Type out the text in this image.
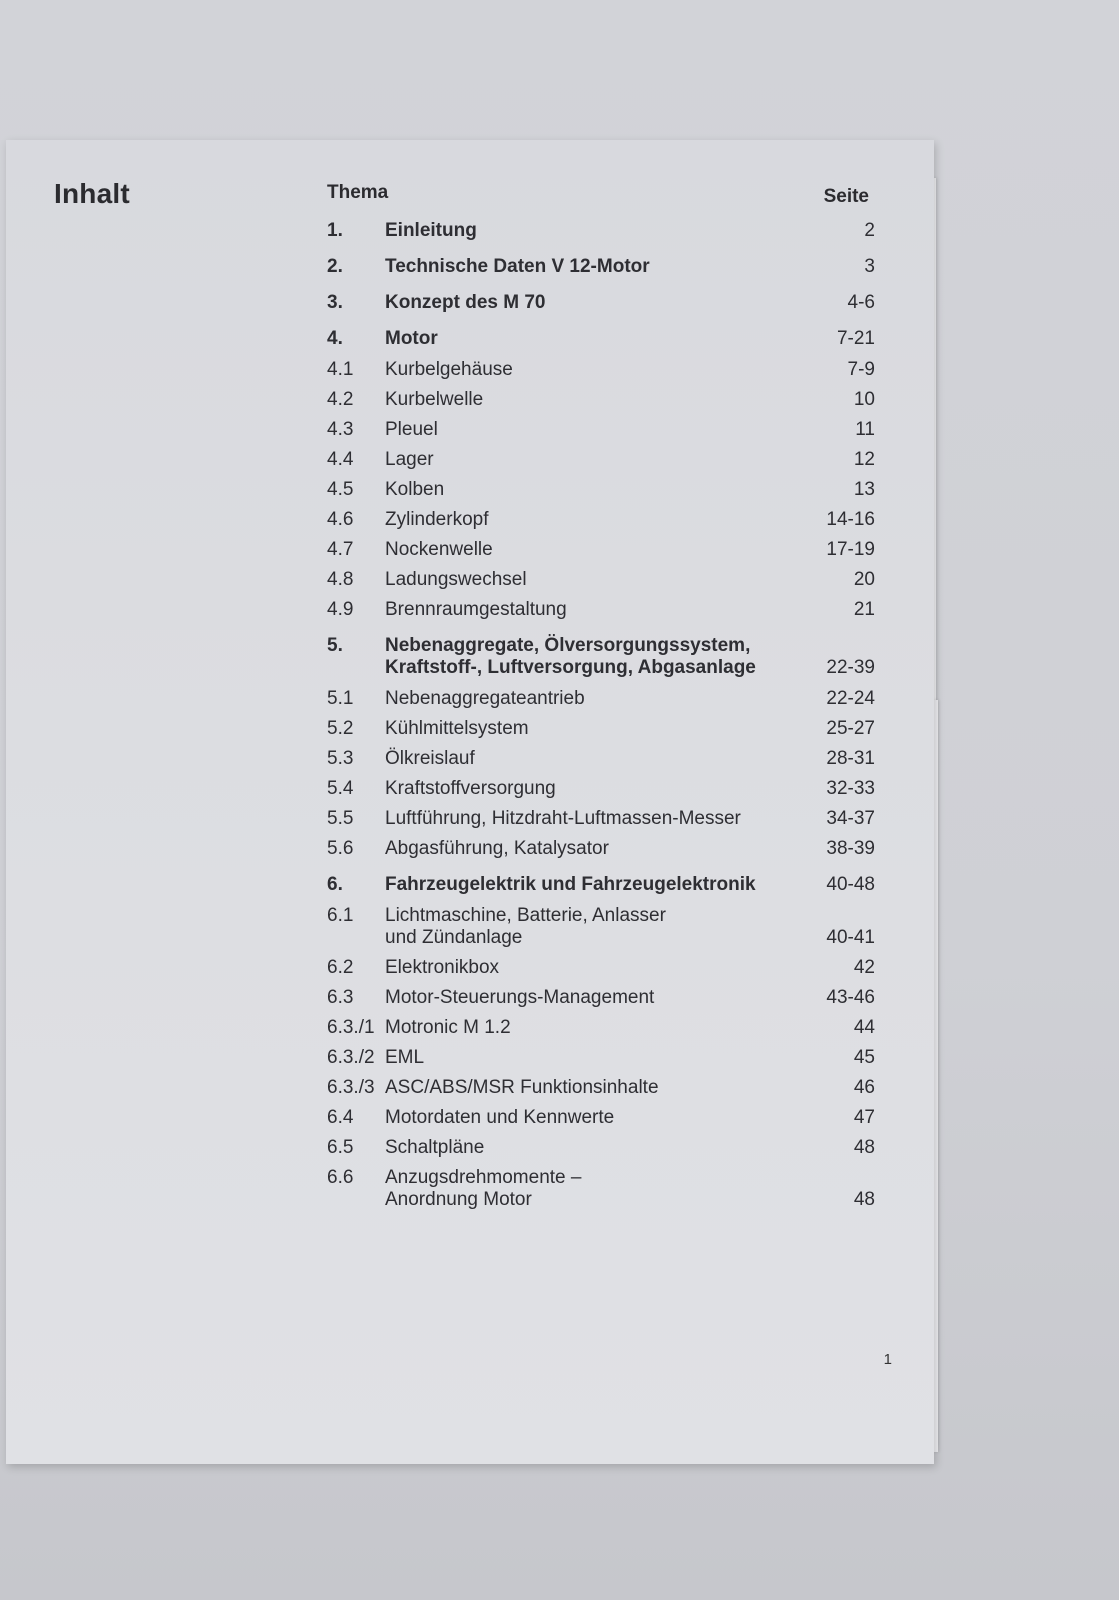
Inhalt	Thema	Seite
1.	Einleitung	2
2.	Technische Daten V 12-Motor	3
3.	Konzept des M 70	4-6
4.	Motor	7-21
4.1	Kurbelgehäuse	7-9
4.2	Kurbelwelle	10
4.3	Pleuel	11
4.4	Lager	12
4.5	Kolben	13
4.6	Zylinderkopf	14-16
4.7	Nockenwelle	17-19
4.8	Ladungswechsel	20
4.9	Brennraumgestaltung	21
5.	Nebenaggregate, Ölversorgungssystem,
Kraftstoff-, Luftversorgung, Abgasanlage	22-39
5.1	Nebenaggregateantrieb	22-24
5.2	Kühlmittelsystem	25-27
5.3	Ölkreislauf	28-31
5.4	Kraftstoffversorgung	32-33
5.5	Luftführung, Hitzdraht-Luftmassen-Messer	34-37
5.6	Abgasführung, Katalysator	38-39
6.	Fahrzeugelektrik und Fahrzeugelektronik	40-48
6.1	Lichtmaschine, Batterie, Anlasser
und Zündanlage	40-41
6.2	Elektronikbox	42
6.3	Motor-Steuerungs-Management	43-46
6.3./1 Motronic M 1.2	44
6.3./2 EML	45
6.3./3 ASC/ABS/MSR Funktionsinhalte	46
6.4	Motordaten und Kennwerte	47
6.5	Schaltpläne	48
6.6	Anzugsdrehmomente –
Anordnung Motor	48
1
